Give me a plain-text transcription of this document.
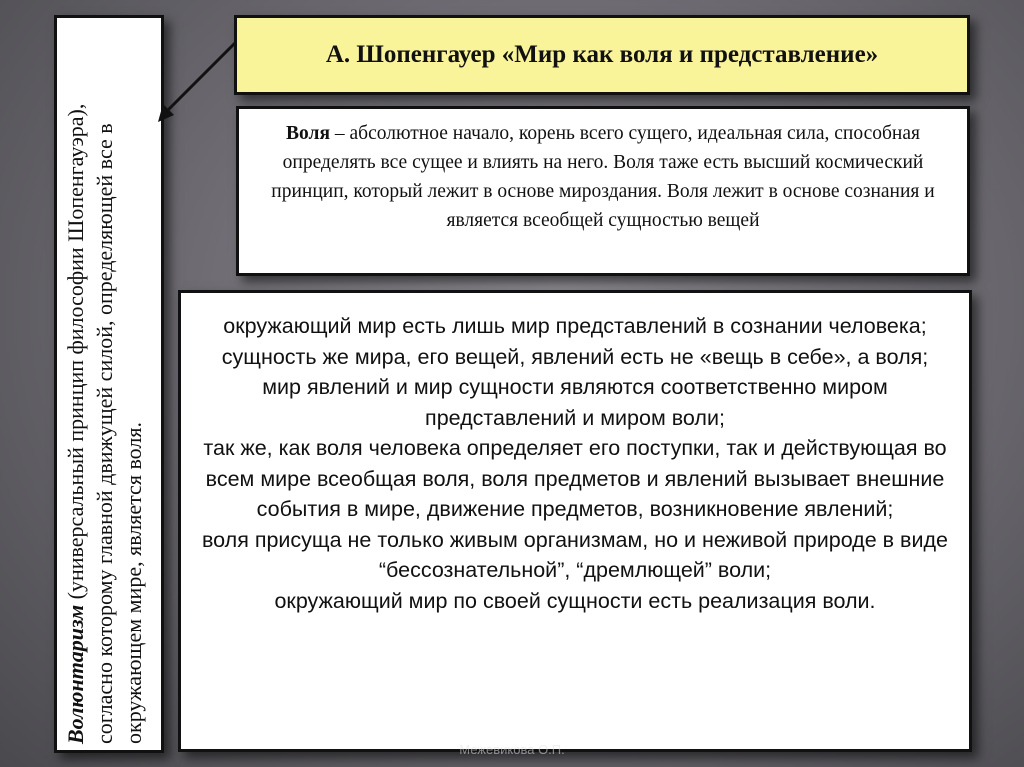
Волюнтаризм (универсальный принцип философии Шопенгауэра), согласно которому главной движущей силой, определяющей все в окружающем мире, является воля.

А. Шопенгауер «Мир как воля и представление»

Воля – абсолютное начало, корень всего сущего, идеальная сила, способная определять все сущее и влиять на него. Воля таже есть высший космический принцип, который лежит в основе мироздания. Воля лежит в основе сознания и является всеобщей сущностью вещей

окружающий мир есть лишь мир представлений в сознании человека;

сущность же мира, его вещей, явлений есть не «вещь в себе», а воля;

мир явлений и мир сущности являются соответственно миром представлений и миром воли;

так же, как воля человека определяет его поступки, так и действующая во всем мире всеобщая воля, воля предметов и явлений вызывает внешние события в мире, движение предметов, возникновение явлений;

воля присуща не только живым организмам, но и неживой природе в виде “бессознательной”, “дремлющей” воли;

окружающий мир по своей сущности есть реализация воли.

Межевикова О.П.
